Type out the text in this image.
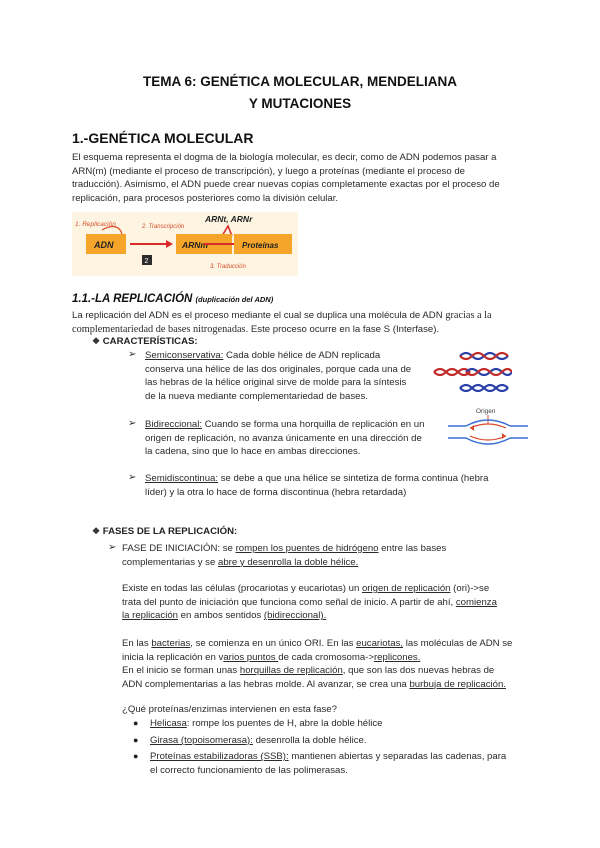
TEMA 6: GENÉTICA MOLECULAR, MENDELIANA
Y MUTACIONES
1.-GENÉTICA MOLECULAR
El esquema representa el dogma de la biología molecular, es decir, como de ADN podemos pasar a
ARN(m) (mediante el proceso de transcripción), y luego a proteínas (mediante el proceso de
traducción). Asimismo, el ADN puede crear nuevas copias completamente exactas por el proceso de
replicación, para procesos posteriores como la división celular.
1. Replicación
ADN
2. Transcripción
2
ARNt, ARNr
ARNm	Proteínas
3. Traducción
1.1.-LA REPLICACIÓN (duplicación del ADN)
La replicación del ADN es el proceso mediante el cual se duplica una molécula de ADN gracias a la
complementariedad de bases nitrogenadas. Este proceso ocurre en la fase S (Interfase).
❖ CARACTERÍSTICAS:
➢ Semiconservativa: Cada doble hélice de ADN replicada
conserva una hélice de las dos originales, porque cada una de
las hebras de la hélice original sirve de molde para la síntesis
de la nueva mediante complementariedad de bases.
➢ Bidireccional: Cuando se forma una horquilla de replicación en un
origen de replicación, no avanza únicamente en una dirección de
la cadena, sino que lo hace en ambas direcciones.
Origen
➢ Semidiscontinua: se debe a que una hélice se sintetiza de forma continua (hebra
líder) y la otra lo hace de forma discontinua (hebra retardada)
❖ FASES DE LA REPLICACIÓN:
➢ FASE DE INICIACIÓN: se rompen los puentes de hidrógeno entre las bases
complementarias y se abre y desenrolla la doble hélice.
Existe en todas las células (procariotas y eucariotas) un origen de replicación (ori)->se
trata del punto de iniciación que funciona como señal de inicio. A partir de ahí, comienza
la replicación en ambos sentidos (bidireccional).
En las bacterias, se comienza en un único ORI. En las eucariotas, las moléculas de ADN se
inicia la replicación en varios puntos de cada cromosoma->replicones.
En el inicio se forman unas horquillas de replicación, que son las dos nuevas hebras de
ADN complementarias a las hebras molde. Al avanzar, se crea una burbuja de replicación.
¿Qué proteínas/enzimas intervienen en esta fase?
● Helicasa: rompe los puentes de H, abre la doble hélice
● Girasa (topoisomerasa): desenrolla la doble hélice.
● Proteínas estabilizadoras (SSB): mantienen abiertas y separadas las cadenas, para
el correcto funcionamiento de las polimerasas.
